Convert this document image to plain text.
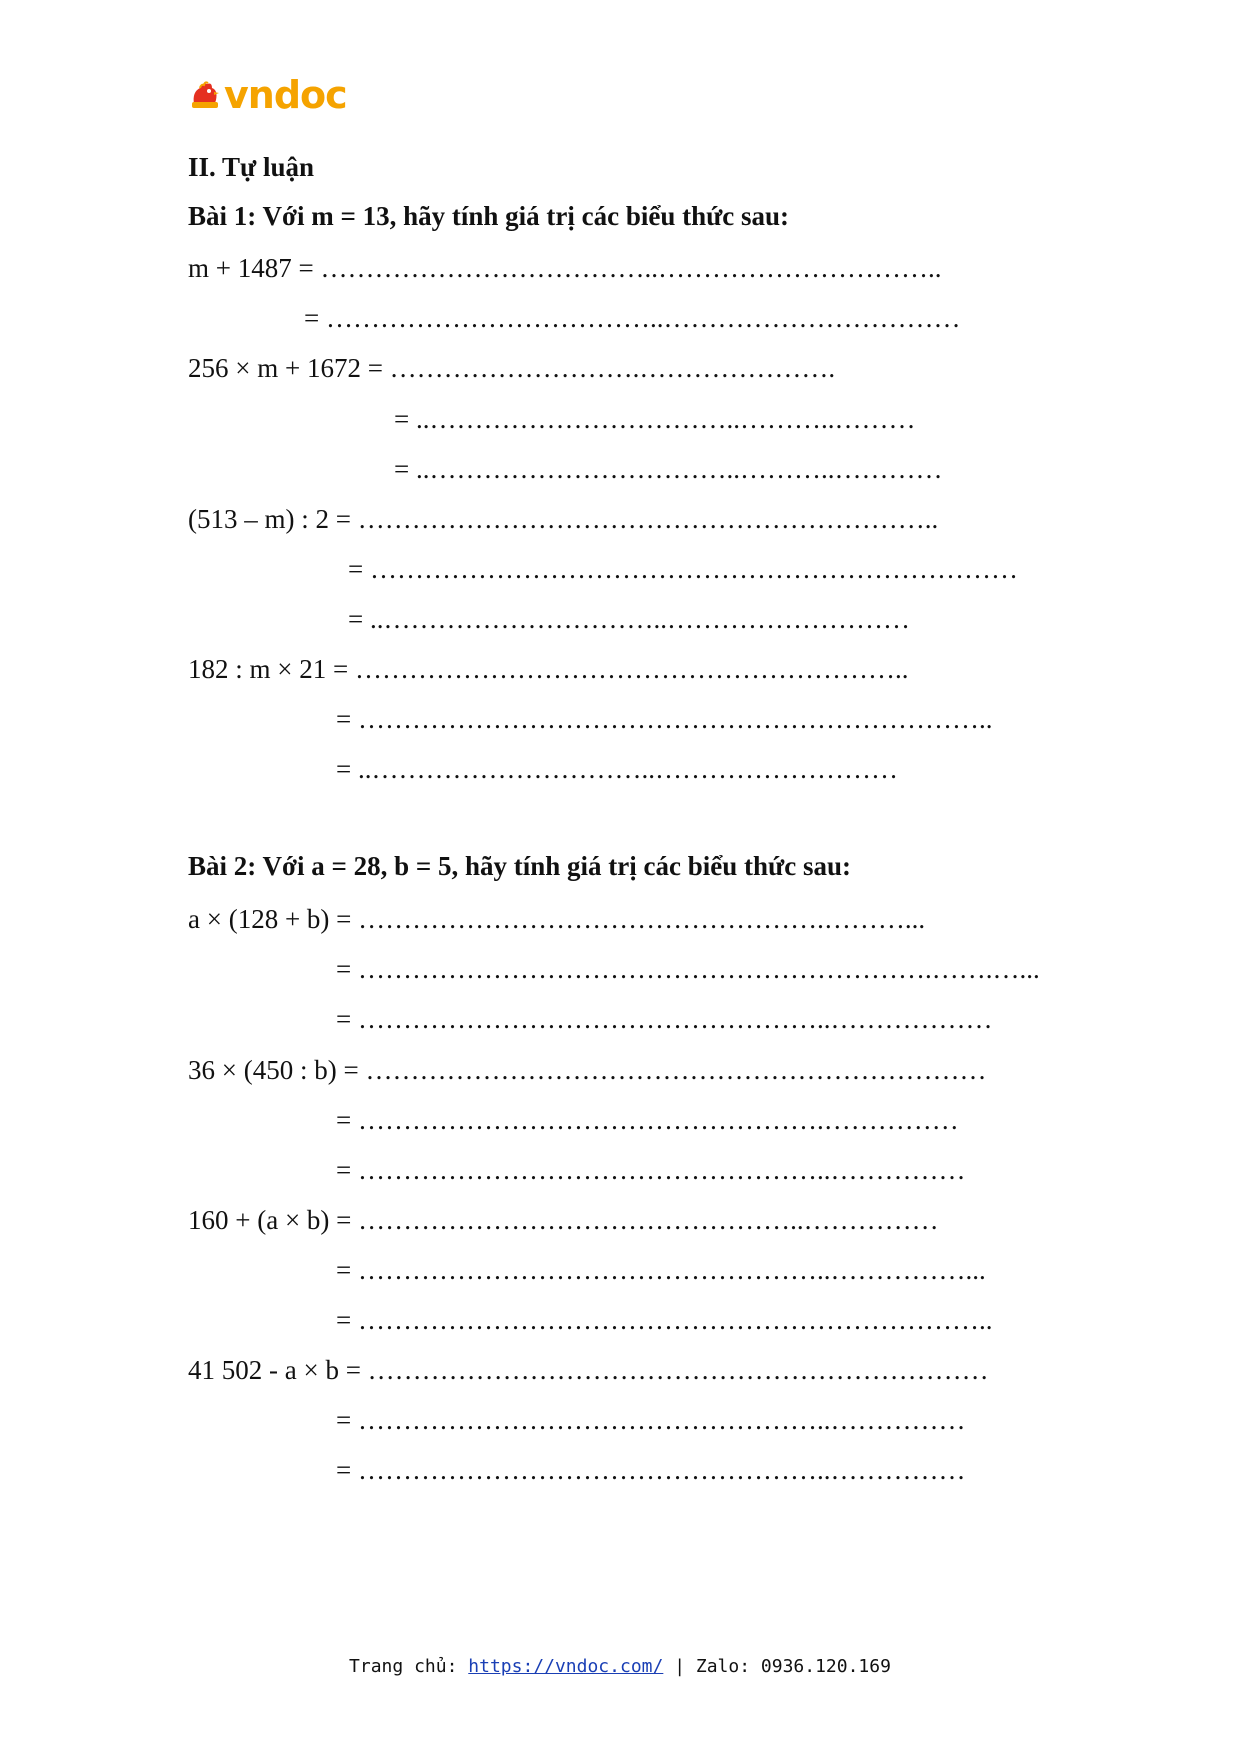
vndoc
II. Tự luận
Bài 1: Với m = 13, hãy tính giá trị các biểu thức sau:
m + 1487 = ………………………………..…………………………..
= ………………………………..……………………………
256 × m + 1672 = ……………………….………………….
= ..……………………………..………..………
= ..……………………………..………..…………
(513 – m) : 2 = ………………………………………………………..
= ………………………………………………………………
= ..…………………………..………………………
182 : m × 21 = ……………………………………………………..
= ……………………………………………………………..
= ..…………………………..………………………
Bài 2: Với a = 28, b = 5, hãy tính giá trị các biểu thức sau:
a × (128 + b) = …………………………………………….………...
= ……………………………………………………….…….…...
= ……………………………………………..………………
36 × (450 : b) = ……………………………………………………………
= …………………………………………….……………
= ……………………………………………..……………
160 + (a × b) = …………………………………………..……………
= ……………………………………………..……………...
= ……………………………………………………………..
41 502 - a × b = ……………………………………………………………
= ……………………………………………..……………
= ……………………………………………..……………
Trang chủ: https://vndoc.com/ | Zalo: 0936.120.169
